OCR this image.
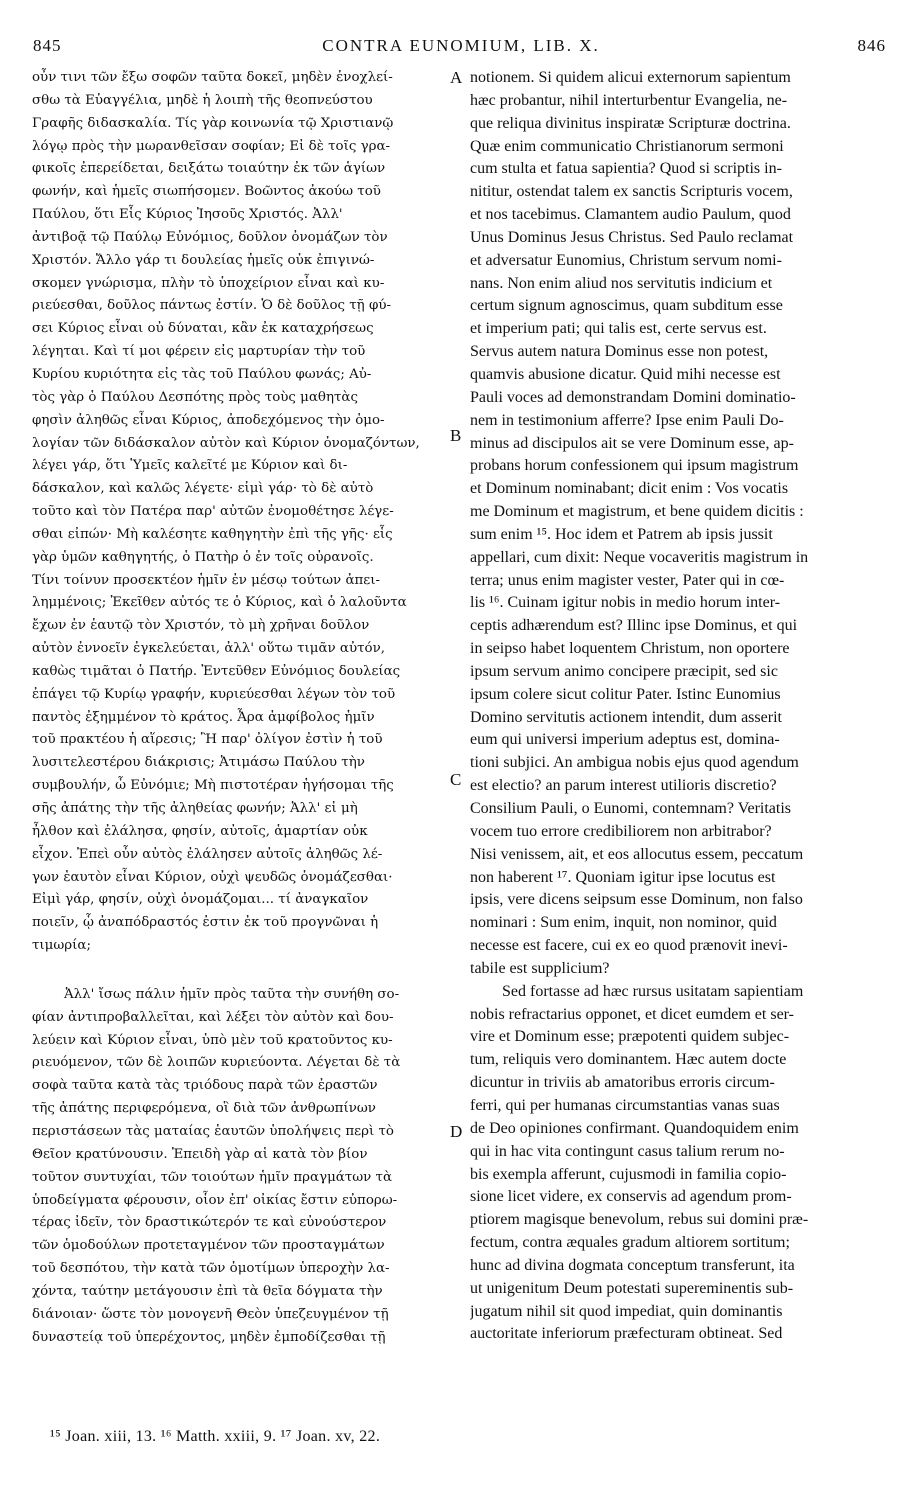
845	CONTRA EUNOMIUM, LIB. X.	846
A
B
C
D
οὖν τινι τῶν ἔξω σοφῶν ταῦτα δοκεῖ, μηδὲν ἐνοχλεί-
σθω τὰ Εὐαγγέλια, μηδὲ ἡ λοιπὴ τῆς θεοπνεύστου
Γραφῆς διδασκαλία. Τίς γὰρ κοινωνία τῷ Χριστιανῷ
λόγῳ πρὸς τὴν μωρανθεῖσαν σοφίαν; Εἰ δὲ τοῖς γρα-
φικοῖς ἐπερείδεται, δειξάτω τοιαύτην ἐκ τῶν ἁγίων
φωνήν, καὶ ἡμεῖς σιωπήσομεν. Βοῶντος ἀκούω τοῦ
Παύλου, ὅτι Εἷς Κύριος Ἰησοῦς Χριστός. Ἀλλ'
ἀντιβοᾷ τῷ Παύλῳ Εὐνόμιος, δοῦλον ὀνομάζων τὸν
Χριστόν. Ἄλλο γάρ τι δουλείας ἡμεῖς οὐκ ἐπιγινώ-
σκομεν γνώρισμα, πλὴν τὸ ὑποχείριον εἶναι καὶ κυ-
ριεύεσθαι, δοῦλος πάντως ἐστίν. Ὁ δὲ δοῦλος τῇ φύ-
σει Κύριος εἶναι οὐ δύναται, κἂν ἐκ καταχρήσεως
λέγηται. Καὶ τί μοι φέρειν εἰς μαρτυρίαν τὴν τοῦ
Κυρίου κυριότητα εἰς τὰς τοῦ Παύλου φωνάς; Αὐ-
τὸς γὰρ ὁ Παύλου Δεσπότης πρὸς τοὺς μαθητὰς
φησὶν ἀληθῶς εἶναι Κύριος, ἀποδεχόμενος τὴν ὁμο-
λογίαν τῶν διδάσκαλον αὐτὸν καὶ Κύριον ὀνομαζόντων,
λέγει γάρ, ὅτι Ὑμεῖς καλεῖτέ με Κύριον καὶ δι-
δάσκαλον, καὶ καλῶς λέγετε· εἰμὶ γάρ· τὸ δὲ αὐτὸ
τοῦτο καὶ τὸν Πατέρα παρ' αὐτῶν ἐνομοθέτησε λέγε-
σθαι εἰπών· Μὴ καλέσητε καθηγητὴν ἐπὶ τῆς γῆς· εἷς
γὰρ ὑμῶν καθηγητής, ὁ Πατὴρ ὁ ἐν τοῖς οὐρανοῖς.
Τίνι τοίνυν προσεκτέον ἡμῖν ἐν μέσῳ τούτων ἀπει-
λημμένοις; Ἐκεῖθεν αὐτός τε ὁ Κύριος, καὶ ὁ λαλοῦντα
ἔχων ἐν ἑαυτῷ τὸν Χριστόν, τὸ μὴ χρῆναι δοῦλον
αὐτὸν ἐννοεῖν ἐγκελεύεται, ἀλλ' οὕτω τιμᾶν αὐτόν,
καθὼς τιμᾶται ὁ Πατήρ. Ἐντεῦθεν Εὐνόμιος δουλείας
ἐπάγει τῷ Κυρίῳ γραφήν, κυριεύεσθαι λέγων τὸν τοῦ
παντὸς ἐξημμένον τὸ κράτος. Ἆρα ἀμφίβολος ἡμῖν
τοῦ πρακτέου ἡ αἵρεσις; Ἢ παρ' ὀλίγον ἐστὶν ἡ τοῦ
λυσιτελεστέρου διάκρισις; Ἀτιμάσω Παύλου τὴν
συμβουλήν, ὦ Εὐνόμιε; Μὴ πιστοτέραν ἡγήσομαι τῆς
σῆς ἀπάτης τὴν τῆς ἀληθείας φωνήν; Ἀλλ' εἰ μὴ
ἦλθον καὶ ἐλάλησα, φησίν, αὐτοῖς, ἁμαρτίαν οὐκ
εἶχον. Ἐπεὶ οὖν αὐτὸς ἐλάλησεν αὐτοῖς ἀληθῶς λέ-
γων ἑαυτὸν εἶναι Κύριον, οὐχὶ ψευδῶς ὀνομάζεσθαι·
Εἰμὶ γάρ, φησίν, οὐχὶ ὀνομάζομαι... τί ἀναγκαῖον
ποιεῖν, ᾧ ἀναπόδραστός ἐστιν ἐκ τοῦ προγνῶναι ἡ
τιμωρία;
Ἀλλ' ἴσως πάλιν ἡμῖν πρὸς ταῦτα τὴν συνήθη σο-
φίαν ἀντιπροβαλλεῖται, καὶ λέξει τὸν αὐτὸν καὶ δου-
λεύειν καὶ Κύριον εἶναι, ὑπὸ μὲν τοῦ κρατοῦντος κυ-
ριευόμενον, τῶν δὲ λοιπῶν κυριεύοντα. Λέγεται δὲ τὰ
σοφὰ ταῦτα κατὰ τὰς τριόδους παρὰ τῶν ἐραστῶν
τῆς ἀπάτης περιφερόμενα, οἳ διὰ τῶν ἀνθρωπίνων
περιστάσεων τὰς ματαίας ἑαυτῶν ὑπολήψεις περὶ τὸ
Θεῖον κρατύνουσιν. Ἐπειδὴ γὰρ αἱ κατὰ τὸν βίον
τοῦτον συντυχίαι, τῶν τοιούτων ἡμῖν πραγμάτων τὰ
ὑποδείγματα φέρουσιν, οἷον ἐπ' οἰκίας ἔστιν εὐπορω-
τέρας ἰδεῖν, τὸν δραστικώτερόν τε καὶ εὐνούστερον
τῶν ὁμοδούλων προτεταγμένον τῶν προσταγμάτων
τοῦ δεσπότου, τὴν κατὰ τῶν ὁμοτίμων ὑπεροχὴν λα-
χόντα, ταύτην μετάγουσιν ἐπὶ τὰ θεῖα δόγματα τὴν
διάνοιαν· ὥστε τὸν μονογενῆ Θεὸν ὑπεζευγμένον τῇ
δυναστείᾳ τοῦ ὑπερέχοντος, μηδὲν ἐμποδίζεσθαι τῇ
notionem. Si quidem alicui externorum sapientum
hæc probantur, nihil interturbentur Evangelia, ne-
que reliqua divinitus inspiratæ Scripturæ doctrina.
Quæ enim communicatio Christianorum sermoni
cum stulta et fatua sapientia? Quod si scriptis in-
nititur, ostendat talem ex sanctis Scripturis vocem,
et nos tacebimus. Clamantem audio Paulum, quod
Unus Dominus Jesus Christus. Sed Paulo reclamat
et adversatur Eunomius, Christum servum nomi-
nans. Non enim aliud nos servitutis indicium et
certum signum agnoscimus, quam subditum esse
et imperium pati; qui talis est, certe servus est.
Servus autem natura Dominus esse non potest,
quamvis abusione dicatur. Quid mihi necesse est
Pauli voces ad demonstrandam Domini dominatio-
nem in testimonium afferre? Ipse enim Pauli Do-
minus ad discipulos ait se vere Dominum esse, ap-
probans horum confessionem qui ipsum magistrum
et Dominum nominabant; dicit enim : Vos vocatis
me Dominum et magistrum, et bene quidem dicitis :
sum enim ¹⁵. Hoc idem et Patrem ab ipsis jussit
appellari, cum dixit: Neque vocaveritis magistrum in
terra; unus enim magister vester, Pater qui in cœ-
lis ¹⁶. Cuinam igitur nobis in medio horum inter-
ceptis adhærendum est? Illinc ipse Dominus, et qui
in seipso habet loquentem Christum, non oportere
ipsum servum animo concipere præcipit, sed sic
ipsum colere sicut colitur Pater. Istinc Eunomius
Domino servitutis actionem intendit, dum asserit
eum qui universi imperium adeptus est, domina-
tioni subjici. An ambigua nobis ejus quod agendum
est electio? an parum interest utilioris discretio?
Consilium Pauli, o Eunomi, contemnam? Veritatis
vocem tuo errore credibiliorem non arbitrabor?
Nisi venissem, ait, et eos allocutus essem, peccatum
non haberent ¹⁷. Quoniam igitur ipse locutus est
ipsis, vere dicens seipsum esse Dominum, non falso
nominari : Sum enim, inquit, non nominor, quid
necesse est facere, cui ex eo quod prænovit inevi-
tabile est supplicium?
Sed fortasse ad hæc rursus usitatam sapientiam
nobis refractarius opponet, et dicet eumdem et ser-
vire et Dominum esse; præpotenti quidem subjec-
tum, reliquis vero dominantem. Hæc autem docte
dicuntur in triviis ab amatoribus erroris circum-
ferri, qui per humanas circumstantias vanas suas
de Deo opiniones confirmant. Quandoquidem enim
qui in hac vita contingunt casus talium rerum no-
bis exempla afferunt, cujusmodi in familia copio-
sione licet videre, ex conservis ad agendum prom-
ptiorem magisque benevolum, rebus sui domini præ-
fectum, contra æquales gradum altiorem sortitum;
hunc ad divina dogmata conceptum transferunt, ita
ut unigenitum Deum potestati supereminentis sub-
jugatum nihil sit quod impediat, quin dominantis
auctoritate inferiorum præfecturam obtineat. Sed
¹⁵ Joan. xiii, 13. ¹⁶ Matth. xxiii, 9. ¹⁷ Joan. xv, 22.
